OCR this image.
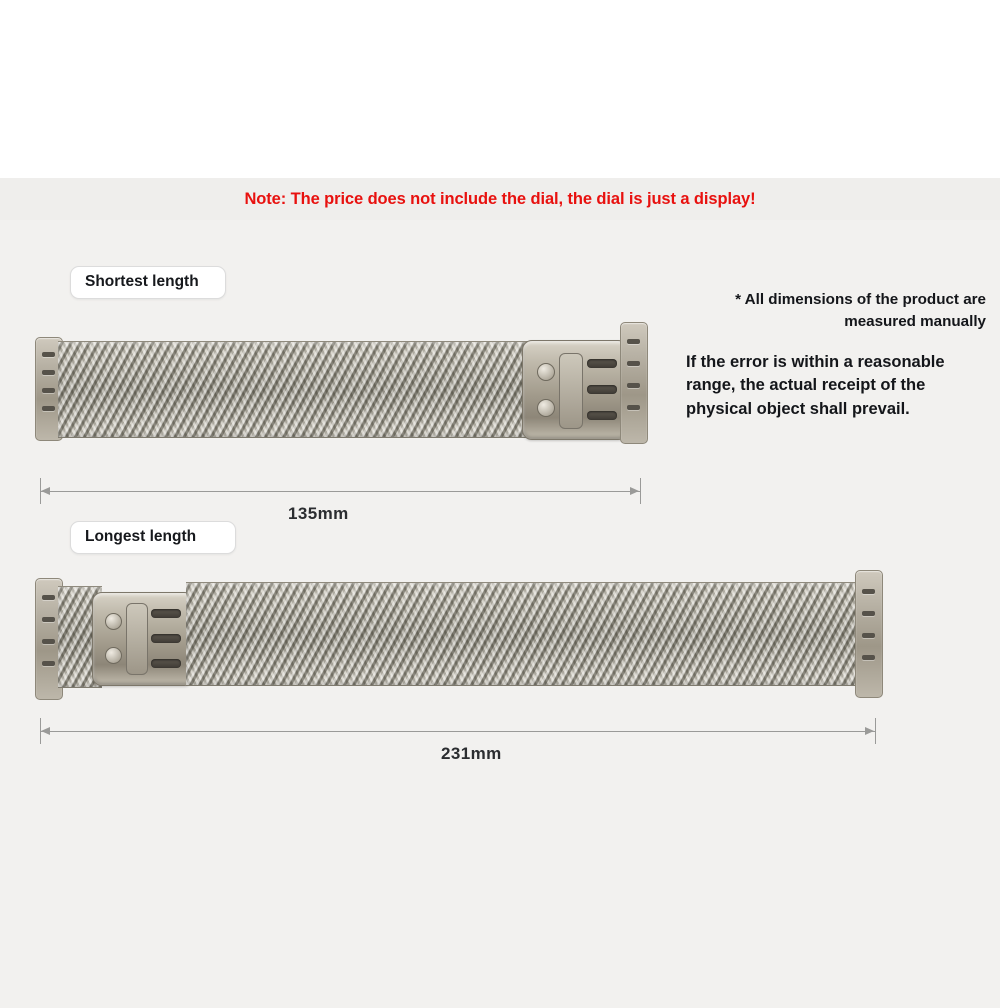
Note: The price does not include the dial, the dial is just a display!
Shortest length
135mm
Longest length
231mm
* All dimensions of the product are measured manually
If the error is within a reasonable range, the actual receipt of the physical object shall prevail.
